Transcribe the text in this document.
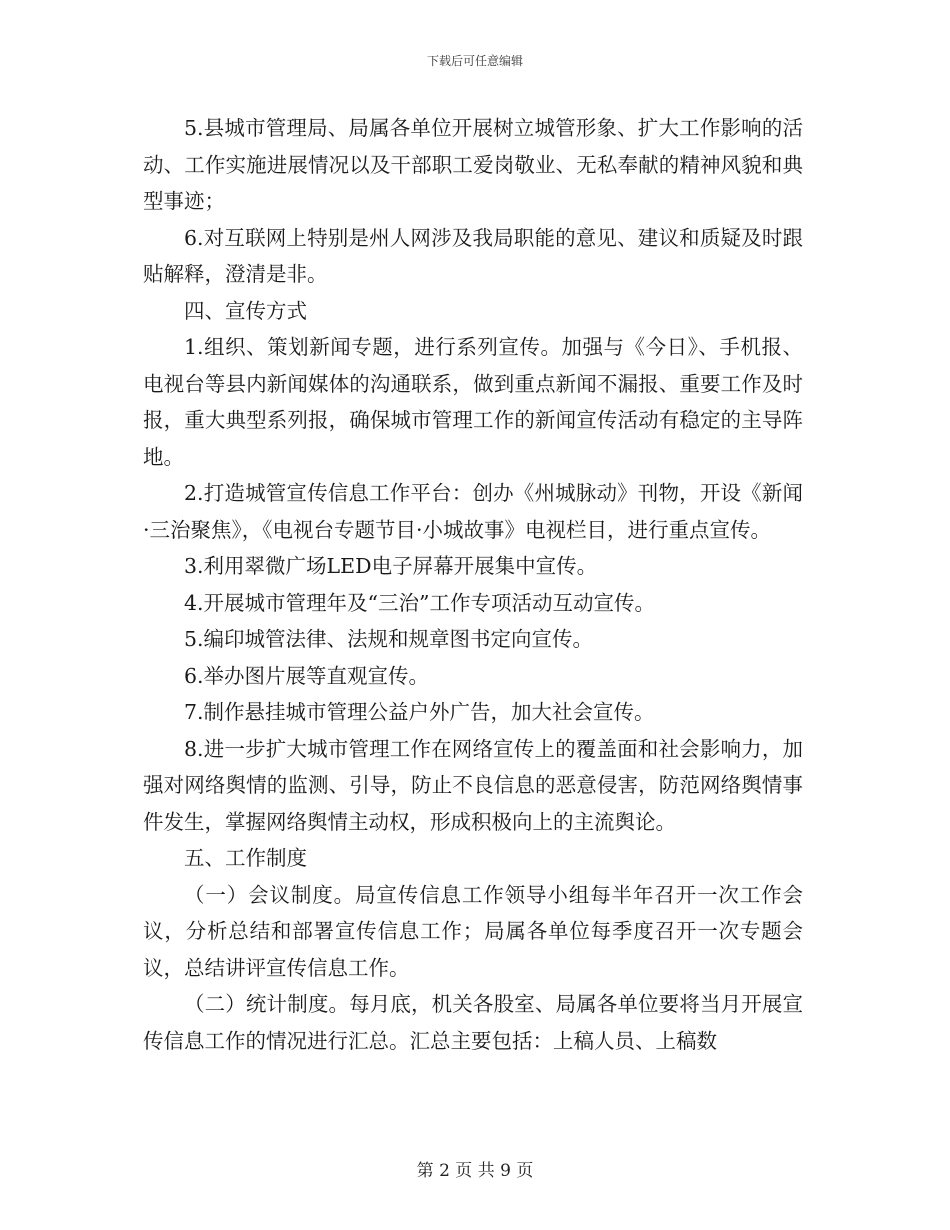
下载后可任意编辑

5.县城市管理局、局属各单位开展树立城管形象、扩大工作影响的活动、工作实施进展情况以及干部职工爱岗敬业、无私奉献的精神风貌和典型事迹；

6.对互联网上特别是州人网涉及我局职能的意见、建议和质疑及时跟贴解释，澄清是非。

四、宣传方式

1.组织、策划新闻专题，进行系列宣传。加强与《今日》、手机报、电视台等县内新闻媒体的沟通联系，做到重点新闻不漏报、重要工作及时报，重大典型系列报，确保城市管理工作的新闻宣传活动有稳定的主导阵地。

2.打造城管宣传信息工作平台：创办《州城脉动》刊物，开设《新闻·三治聚焦》，《电视台专题节目·小城故事》电视栏目，进行重点宣传。

3.利用翠微广场LED电子屏幕开展集中宣传。

4.开展城市管理年及“三治”工作专项活动互动宣传。

5.编印城管法律、法规和规章图书定向宣传。

6.举办图片展等直观宣传。

7.制作悬挂城市管理公益户外广告，加大社会宣传。

8.进一步扩大城市管理工作在网络宣传上的覆盖面和社会影响力，加强对网络舆情的监测、引导，防止不良信息的恶意侵害，防范网络舆情事件发生，掌握网络舆情主动权，形成积极向上的主流舆论。

五、工作制度

（一）会议制度。局宣传信息工作领导小组每半年召开一次工作会议，分析总结和部署宣传信息工作；局属各单位每季度召开一次专题会议，总结讲评宣传信息工作。

（二）统计制度。每月底，机关各股室、局属各单位要将当月开展宣传信息工作的情况进行汇总。汇总主要包括：上稿人员、上稿数

第 2 页 共 9 页
